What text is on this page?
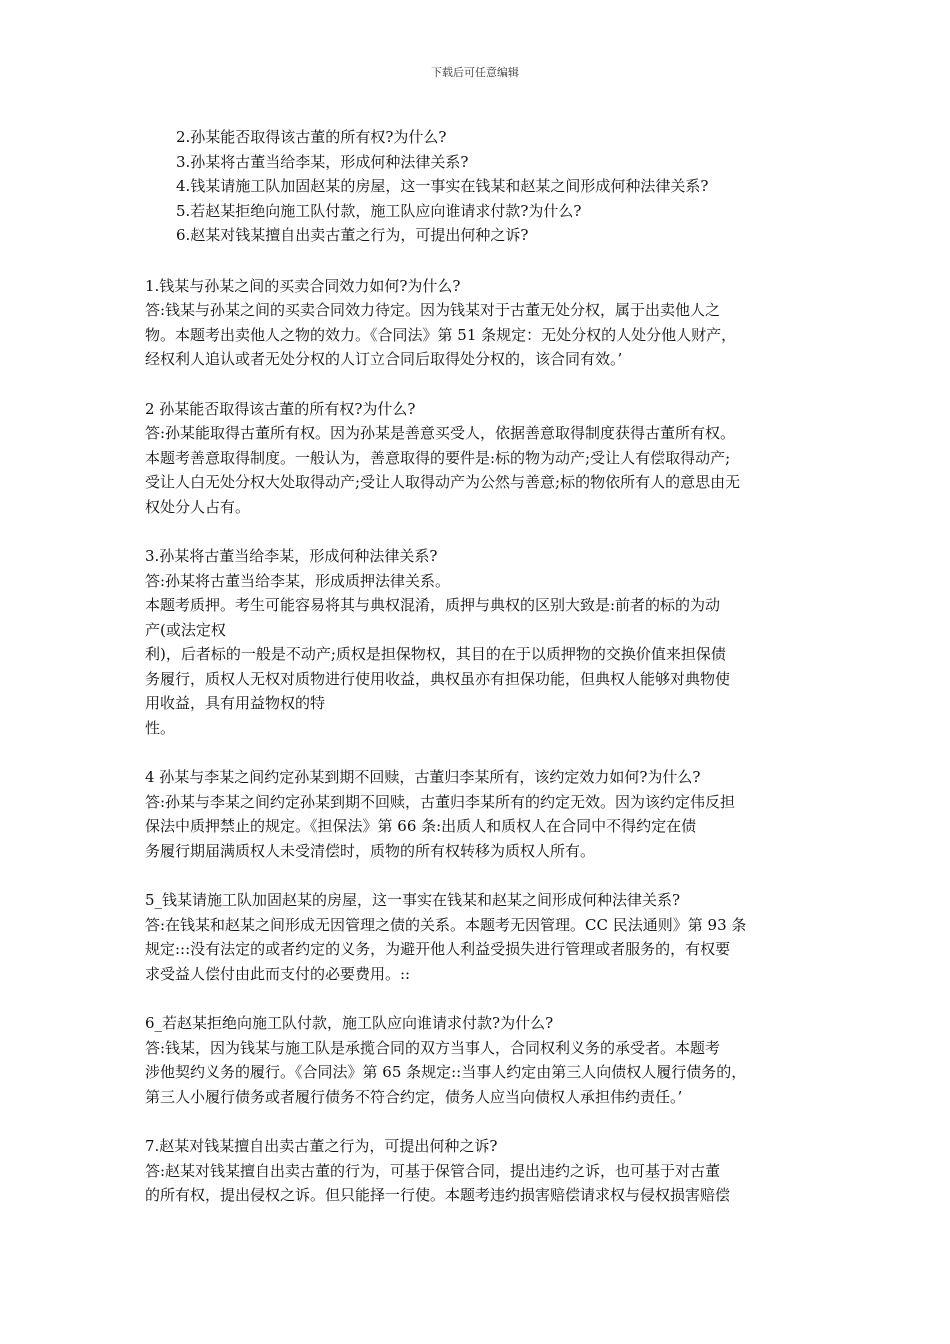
下载后可任意编辑
2.孙某能否取得该古董的所有权?为什么?
3.孙某将古董当给李某，形成何种法律关系?
4.钱某请施工队加固赵某的房屋，这一事实在钱某和赵某之间形成何种法律关系?
5.若赵某拒绝向施工队付款，施工队应向谁请求付款?为什么?
6.赵某对钱某擅自出卖古董之行为，可提出何种之诉?
1.钱某与孙某之间的买卖合同效力如何?为什么?
答:钱某与孙某之间的买卖合同效力待定。因为钱某对于古董无处分权，属于出卖他人之
物。本题考出卖他人之物的效力。《合同法》第 51 条规定：无处分权的人处分他人财产，
经权利人追认或者无处分权的人订立合同后取得处分权的，该合同有效。’
2 孙某能否取得该古董的所有权?为什么?
答:孙某能取得古董所有权。因为孙某是善意买受人，依据善意取得制度获得古董所有权。
本题考善意取得制度。一般认为，善意取得的要件是:标的物为动产;受让人有偿取得动产;
受让人白无处分权大处取得动产;受让人取得动产为公然与善意;标的物依所有人的意思由无
权处分人占有。
3.孙某将古董当给李某，形成何种法律关系?
答:孙某将古董当给李某，形成质押法律关系。
本题考质押。考生可能容易将其与典权混淆，质押与典权的区别大致是:前者的标的为动
产(或法定权
利)，后者标的一般是不动产;质权是担保物权，其目的在于以质押物的交换价值来担保债
务履行，质权人无权对质物进行使用收益，典权虽亦有担保功能，但典权人能够对典物使
用收益，具有用益物权的特
性。
4 孙某与李某之间约定孙某到期不回赎，古董归李某所有，该约定效力如何?为什么?
答:孙某与李某之间约定孙某到期不回赎，古董归李某所有的约定无效。因为该约定伟反担
保法中质押禁止的规定。《担保法》第 66 条:出质人和质权人在合同中不得约定在债
务履行期届满质权人未受清偿时，质物的所有权转移为质权人所有。
5_钱某请施工队加固赵某的房屋，这一事实在钱某和赵某之间形成何种法律关系?
答:在钱某和赵某之间形成无因管理之债的关系。本题考无因管理。CC 民法通则》第 93 条
规定:::没有法定的或者约定的义务，为避开他人利益受损失进行管理或者服务的，有权要
求受益人偿付由此而支付的必要费用。::
6_若赵某拒绝向施工队付款，施工队应向谁请求付款?为什么?
答:钱某，因为钱某与施工队是承揽合同的双方当事人，合同权利义务的承受者。本题考
涉他契约义务的履行。《合同法》第 65 条规定::当事人约定由第三人向债权人履行债务的，
第三人小履行债务或者履行债务不符合约定，债务人应当向债权人承担伟约责任。’
7.赵某对钱某擅自出卖古董之行为，可提出何种之诉?
答:赵某对钱某擅自出卖古董的行为，可基于保管合同，提出违约之诉，也可基于对古董
的所有权，提出侵权之诉。但只能择一行使。本题考违约损害赔偿请求权与侵权损害赔偿
